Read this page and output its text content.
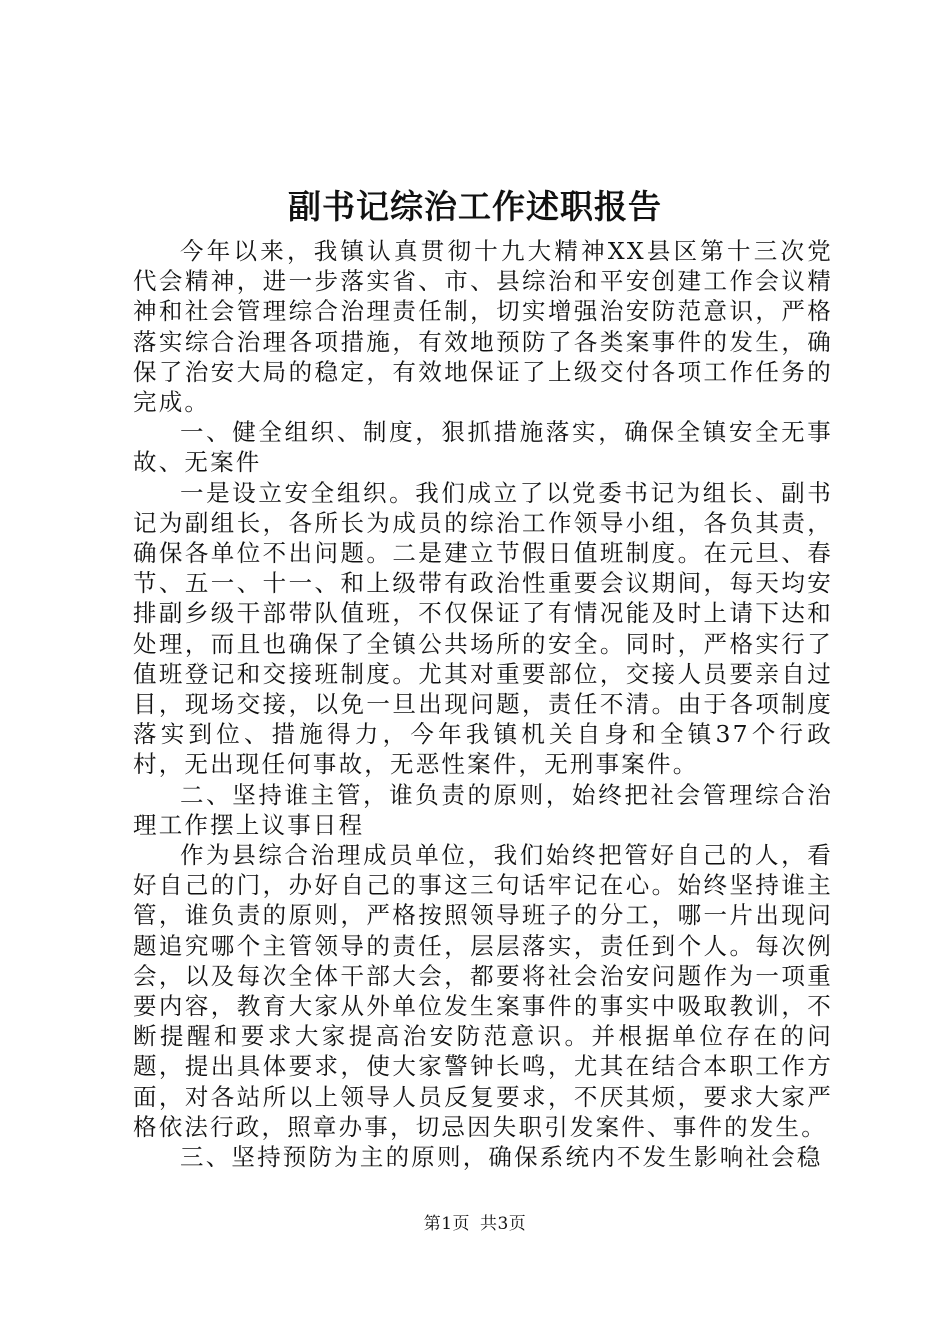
副书记综治工作述职报告

今年以来，我镇认真贯彻十九大精神XX县区第十三次党代会精神，进一步落实省、市、县综治和平安创建工作会议精神和社会管理综合治理责任制，切实增强治安防范意识，严格落实综合治理各项措施，有效地预防了各类案事件的发生，确保了治安大局的稳定，有效地保证了上级交付各项工作任务的完成。

一、健全组织、制度，狠抓措施落实，确保全镇安全无事故、无案件

一是设立安全组织。我们成立了以党委书记为组长、副书记为副组长，各所长为成员的综治工作领导小组，各负其责，确保各单位不出问题。二是建立节假日值班制度。在元旦、春节、五一、十一、和上级带有政治性重要会议期间，每天均安排副乡级干部带队值班，不仅保证了有情况能及时上请下达和处理，而且也确保了全镇公共场所的安全。同时，严格实行了值班登记和交接班制度。尤其对重要部位，交接人员要亲自过目，现场交接，以免一旦出现问题，责任不清。由于各项制度落实到位、措施得力，今年我镇机关自身和全镇37个行政村，无出现任何事故，无恶性案件，无刑事案件。

二、坚持谁主管，谁负责的原则，始终把社会管理综合治理工作摆上议事日程

作为县综合治理成员单位，我们始终把管好自己的人，看好自己的门，办好自己的事这三句话牢记在心。始终坚持谁主管，谁负责的原则，严格按照领导班子的分工，哪一片出现问题追究哪个主管领导的责任，层层落实，责任到个人。每次例会，以及每次全体干部大会，都要将社会治安问题作为一项重要内容，教育大家从外单位发生案事件的事实中吸取教训，不断提醒和要求大家提高治安防范意识。并根据单位存在的问题，提出具体要求，使大家警钟长鸣，尤其在结合本职工作方面，对各站所以上领导人员反复要求，不厌其烦，要求大家严格依法行政，照章办事，切忌因失职引发案件、事件的发生。

三、坚持预防为主的原则，确保系统内不发生影响社会稳

第1页 共3页
